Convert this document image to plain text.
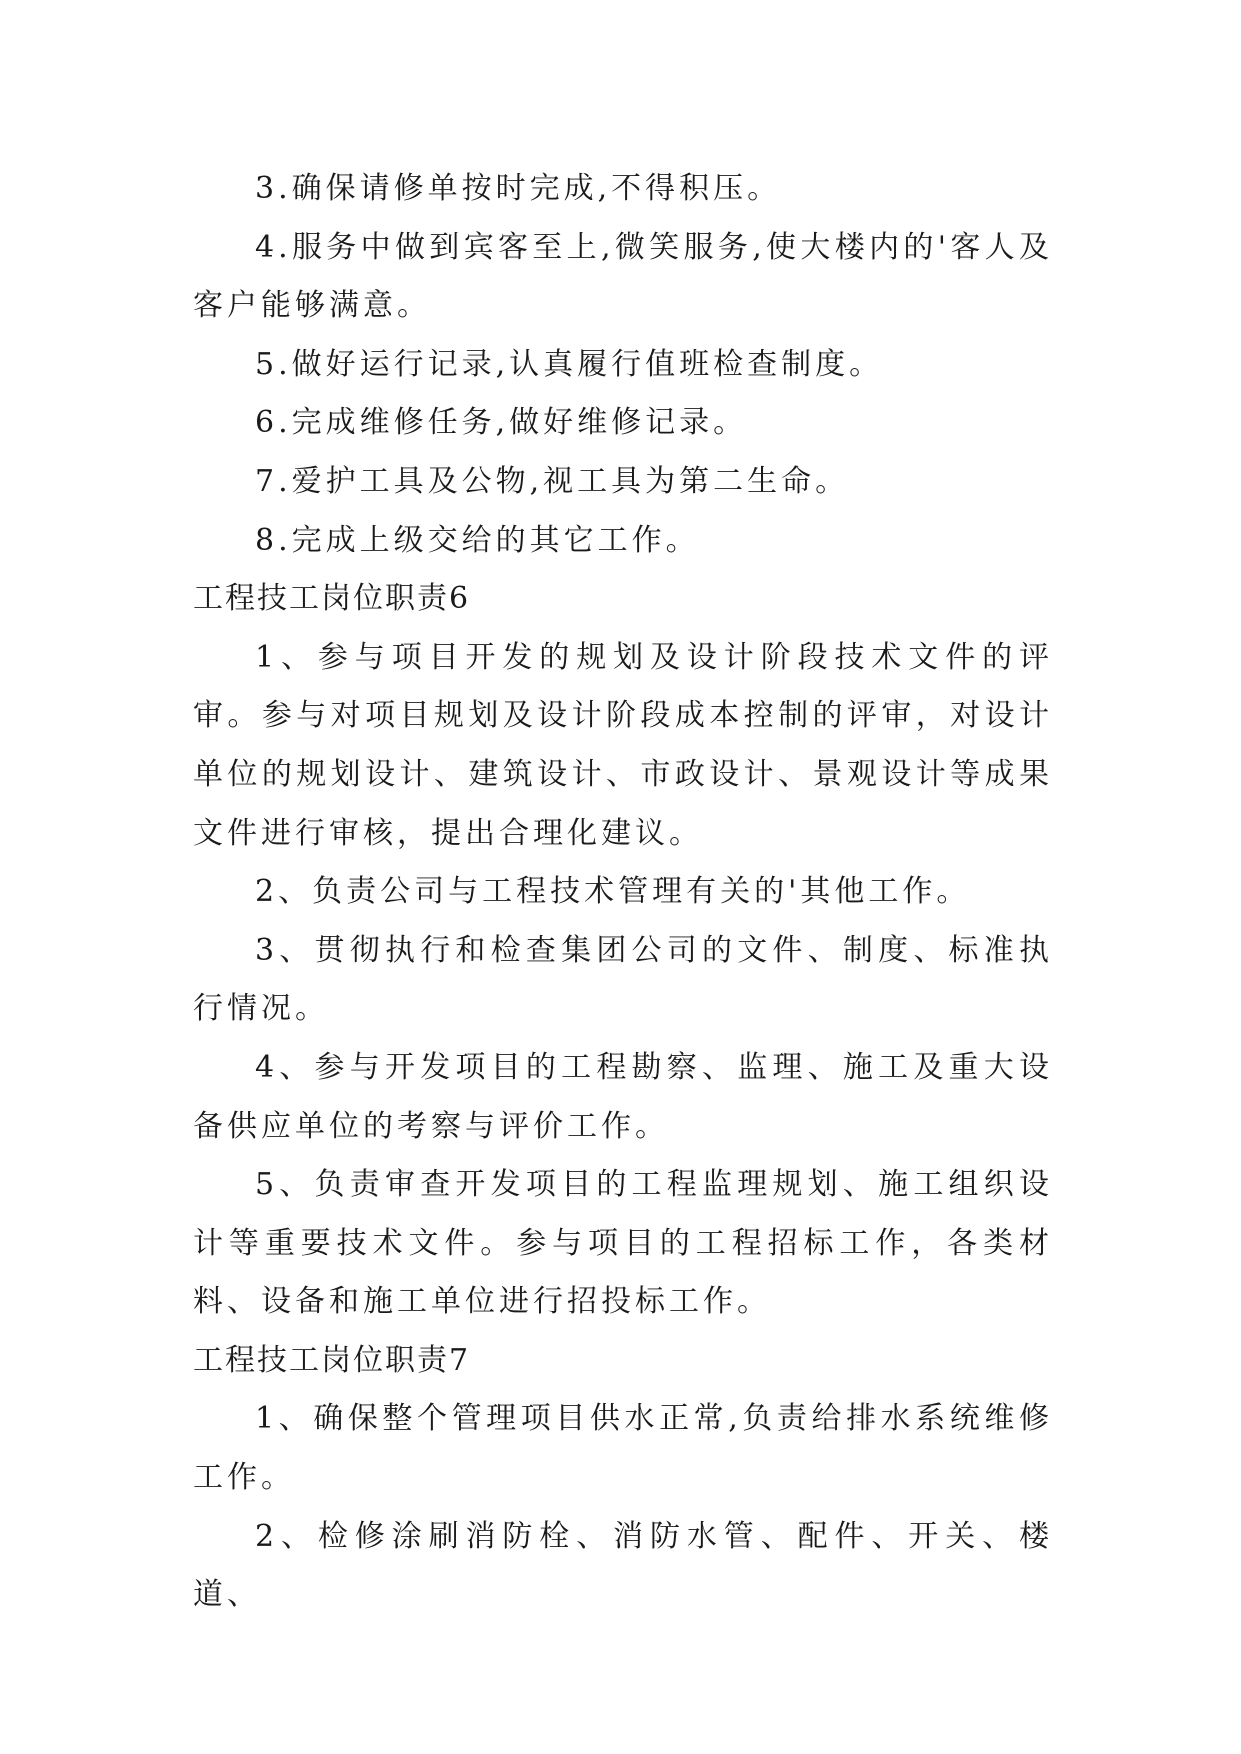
3.确保请修单按时完成,不得积压。

4.服务中做到宾客至上,微笑服务,使大楼内的'客人及客户能够满意。

5.做好运行记录,认真履行值班检查制度。

6.完成维修任务,做好维修记录。

7.爱护工具及公物,视工具为第二生命。

8.完成上级交给的其它工作。

工程技工岗位职责6

1、参与项目开发的规划及设计阶段技术文件的评审。参与对项目规划及设计阶段成本控制的评审，对设计单位的规划设计、建筑设计、市政设计、景观设计等成果文件进行审核，提出合理化建议。

2、负责公司与工程技术管理有关的'其他工作。

3、贯彻执行和检查集团公司的文件、制度、标准执行情况。

4、参与开发项目的工程勘察、监理、施工及重大设备供应单位的考察与评价工作。

5、负责审查开发项目的工程监理规划、施工组织设计等重要技术文件。参与项目的工程招标工作，各类材料、设备和施工单位进行招投标工作。

工程技工岗位职责7

1、确保整个管理项目供水正常,负责给排水系统维修工作。

2、检修涂刷消防栓、消防水管、配件、开关、楼道、
